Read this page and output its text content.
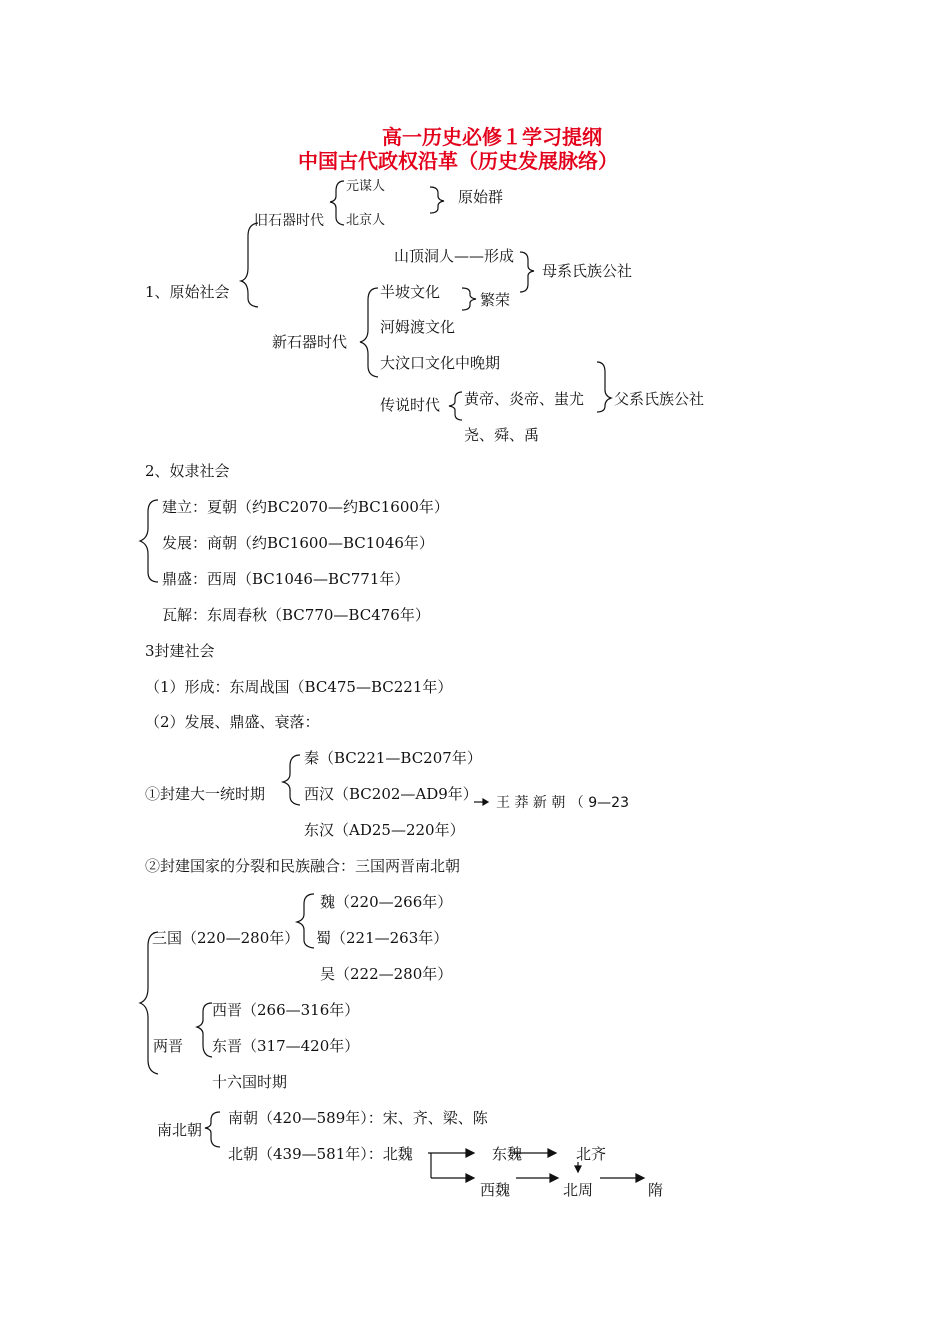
高一历史必修１学习提纲
中国古代政权沿革（历史发展脉络）
元谋人
北京人
原始群
旧石器时代
山顶洞人——形成
母系氏族公社
1、原始社会	半坡文化	繁荣
河姆渡文化
新石器时代
大汶口文化中晚期
黄帝、炎帝、蚩尤 父系氏族公社
传说时代
尧、舜、禹
2、奴隶社会
建立：夏朝（约BC2070—约BC1600年）
发展：商朝（约BC1600—BC1046年）
鼎盛：西周（BC1046—BC771年）
瓦解：东周春秋（BC770—BC476年）
3封建社会
（1）形成：东周战国（BC475—BC221年）
（2）发展、鼎盛、衰落：
秦（BC221—BC207年）
①封建大一统时期	西汉（BC202—AD9年） 王 莽 新 朝 （ 9—23
东汉（AD25—220年）
②封建国家的分裂和民族融合：三国两晋南北朝
魏（220—266年）
三国（220—280年） 蜀（221—263年）
吴（222—280年）
西晋（266—316年）
两晋 东晋（317—420年）
十六国时期
南朝（420—589年）：宋、齐、梁、陈
南北朝
北朝（439—581年）：北魏	东魏	北齐
西魏	北周	隋
